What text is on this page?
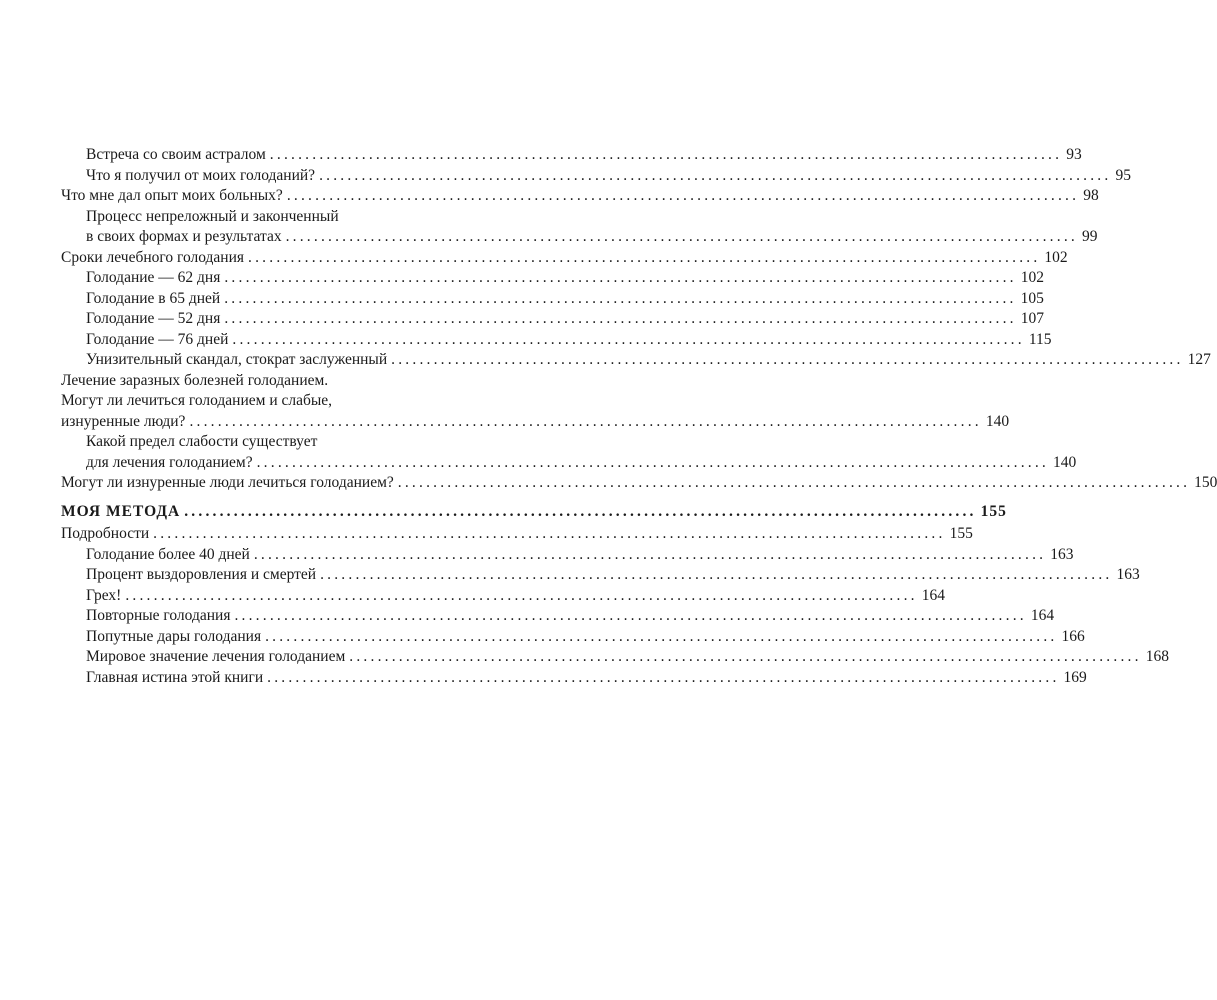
Встреча со своим астралом ................................................................................................................ 93
Что я получил от моих голоданий? ................................................................................................................ 95
Что мне дал опыт моих больных? ................................................................................................................ 98
Процесс непреложный и законченный
в своих формах и результатах ................................................................................................................ 99
Сроки лечебного голодания ................................................................................................................ 102
Голодание — 62 дня ................................................................................................................ 102
Голодание в 65 дней ................................................................................................................ 105
Голодание — 52 дня ................................................................................................................ 107
Голодание — 76 дней ................................................................................................................ 115
Унизительный скандал, стократ заслуженный ................................................................................................................ 127
Лечение заразных болезней голоданием.
Могут ли лечиться голоданием и слабые,
изнуренные люди? ................................................................................................................ 140
Какой предел слабости существует
для лечения голоданием? ................................................................................................................ 140
Могут ли изнуренные люди лечиться голоданием? ................................................................................................................ 150
МОЯ МЕТОДА ................................................................................................................ 155
Подробности ................................................................................................................ 155
Голодание более 40 дней ................................................................................................................ 163
Процент выздоровления и смертей ................................................................................................................ 163
Грех! ................................................................................................................ 164
Повторные голодания ................................................................................................................ 164
Попутные дары голодания ................................................................................................................ 166
Мировое значение лечения голоданием ................................................................................................................ 168
Главная истина этой книги ................................................................................................................ 169
